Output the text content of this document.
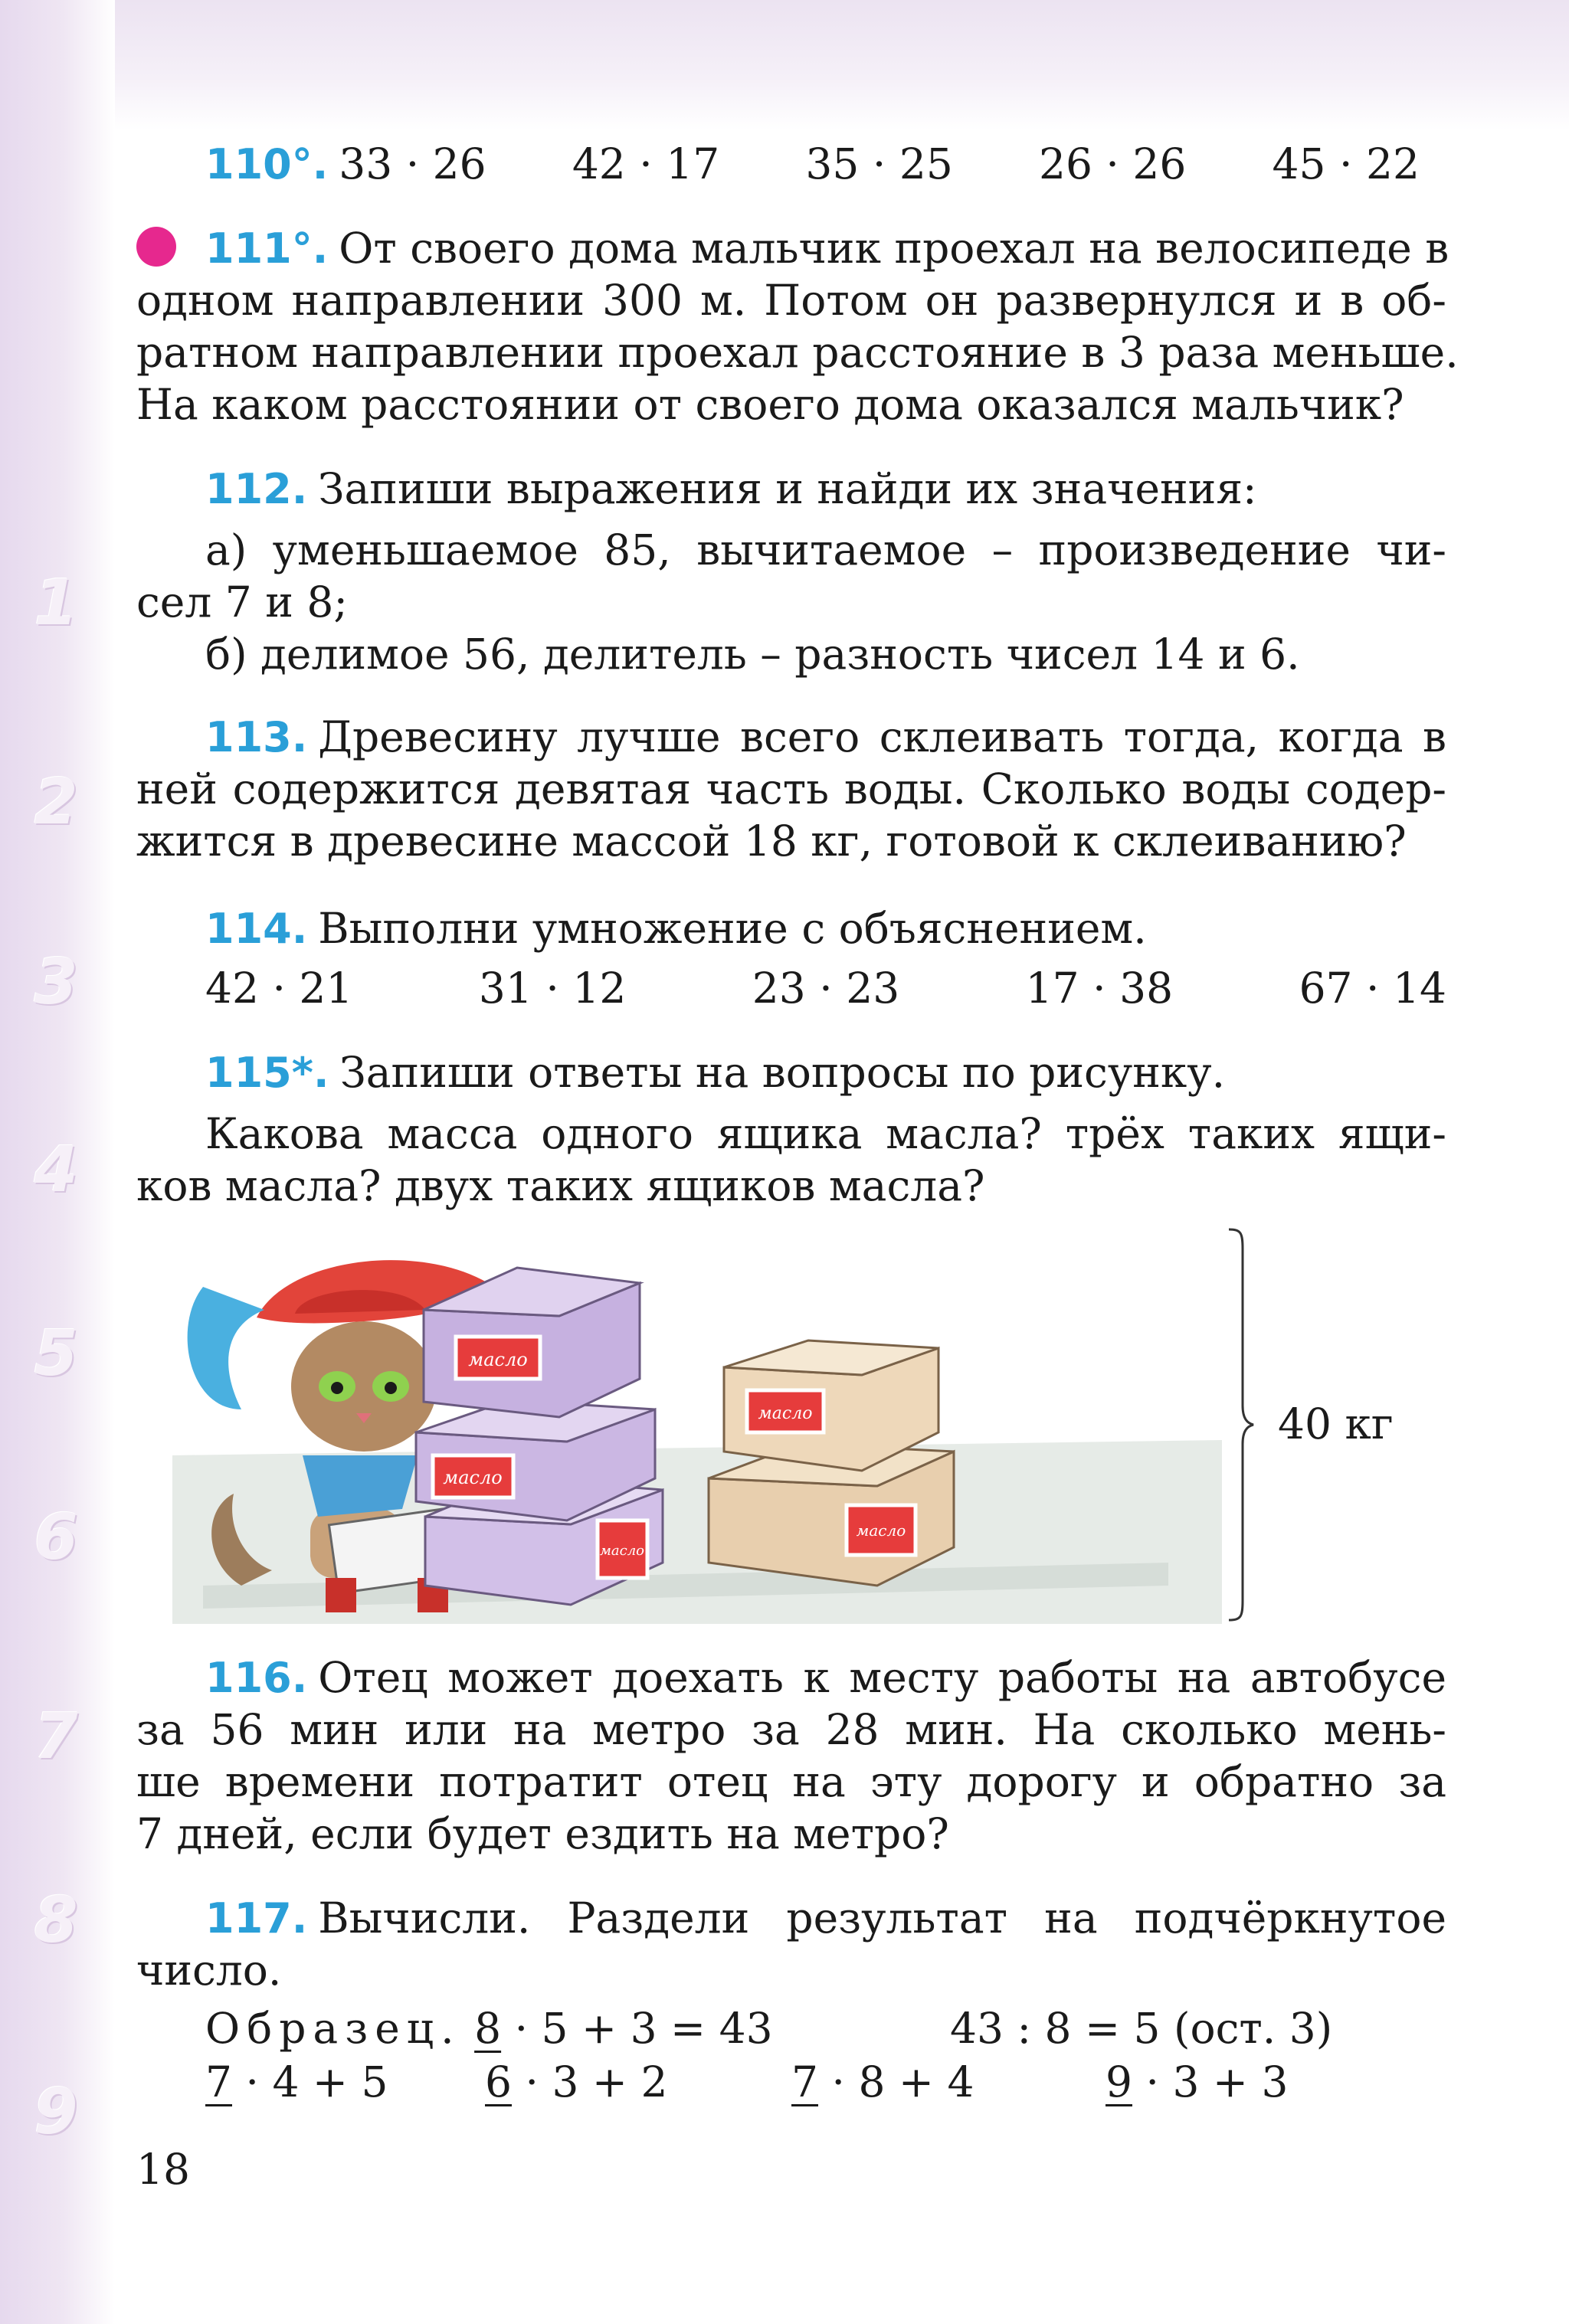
1
2
3
4
5
6
7
8
9
110°. 33 · 26 42 · 17 35 · 25 26 · 26 45 · 22
111°. От своего дома мальчик проехал на велосипеде в
одном направлении 300 м. Потом он развернулся и в об-
ратном направлении проехал расстояние в 3 раза меньше.
На каком расстоянии от своего дома оказался мальчик?
112. Запиши выражения и найди их значения:
а) уменьшаемое 85, вычитаемое – произведение чи-
сел 7 и 8;
б) делимое 56, делитель – разность чисел 14 и 6.
113. Древесину лучше всего склеивать тогда, когда в
ней содержится девятая часть воды. Сколько воды содер-
жится в древесине массой 18 кг, готовой к склеиванию?
114. Выполни умножение с объяснением.
42 · 21	31 · 12	23 · 23	17 · 38	67 · 14
115*. Запиши ответы на вопросы по рисунку.
Какова масса одного ящика масла? трёх таких ящи-
ков масла? двух таких ящиков масла?
масло
масло
масло
масло
масло
40 кг
116. Отец может доехать к месту работы на автобусе
за 56 мин или на метро за 28 мин. На сколько мень-
ше времени потратит отец на эту дорогу и обратно за
7 дней, если будет ездить на метро?
117. Вычисли. Раздели результат на подчёркнутое
число.
Образец. 8 · 5 + 3 = 43	43 : 8 = 5 (ост. 3)
7 · 4 + 5 6 · 3 + 2	7 · 8 + 4	9 · 3 + 3
18
